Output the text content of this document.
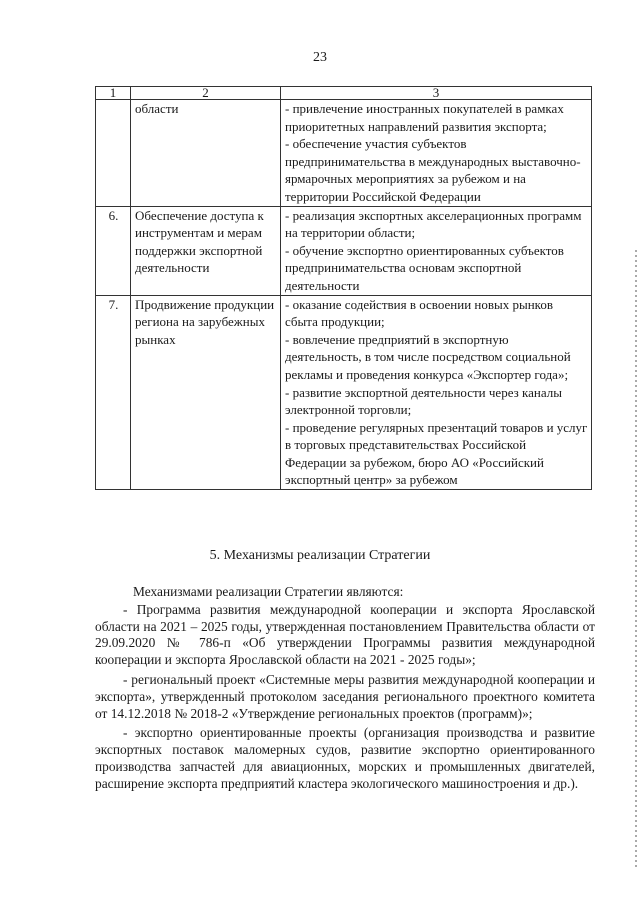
23
1	2	3
	области	- привлечение иностранных покупателей в рамках приоритетных направлений развития экспорта;
- обеспечение участия субъектов предпринимательства в международных выставочно-ярмарочных мероприятиях за рубежом и на территории Российской Федерации

6.	Обеспечение доступа к инструментам и мерам поддержки экспортной деятельности	- реализация экспортных акселерационных программ на территории области;
- обучение экспортно ориентированных субъектов предпринимательства основам экспортной деятельности

7.	Продвижение продукции региона на зарубежных рынках	- оказание содействия в освоении новых рынков сбыта продукции;
- вовлечение предприятий в экспортную деятельность, в том числе посредством социальной рекламы и проведения конкурса «Экспортер года»;
- развитие экспортной деятельности через каналы электронной торговли;
- проведение регулярных презентаций товаров и услуг в торговых представительствах Российской Федерации за рубежом, бюро АО «Российский экспортный центр» за рубежом
5. Механизмы реализации Стратегии

Механизмами реализации Стратегии являются:

- Программа развития международной кооперации и экспорта Ярославской области на 2021 – 2025 годы, утвержденная постановлением Правительства области от 29.09.2020 № 786-п «Об утверждении Программы развития международной кооперации и экспорта Ярославской области на 2021 - 2025 годы»;

- региональный проект «Системные меры развития международной кооперации и экспорта», утвержденный протоколом заседания регионального проектного комитета от 14.12.2018 № 2018-2 «Утверждение региональных проектов (программ)»;

- экспортно ориентированные проекты (организация производства и развитие экспортных поставок маломерных судов, развитие экспортно ориентированного производства запчастей для авиационных, морских и промышленных двигателей, расширение экспорта предприятий кластера экологического машиностроения и др.).
